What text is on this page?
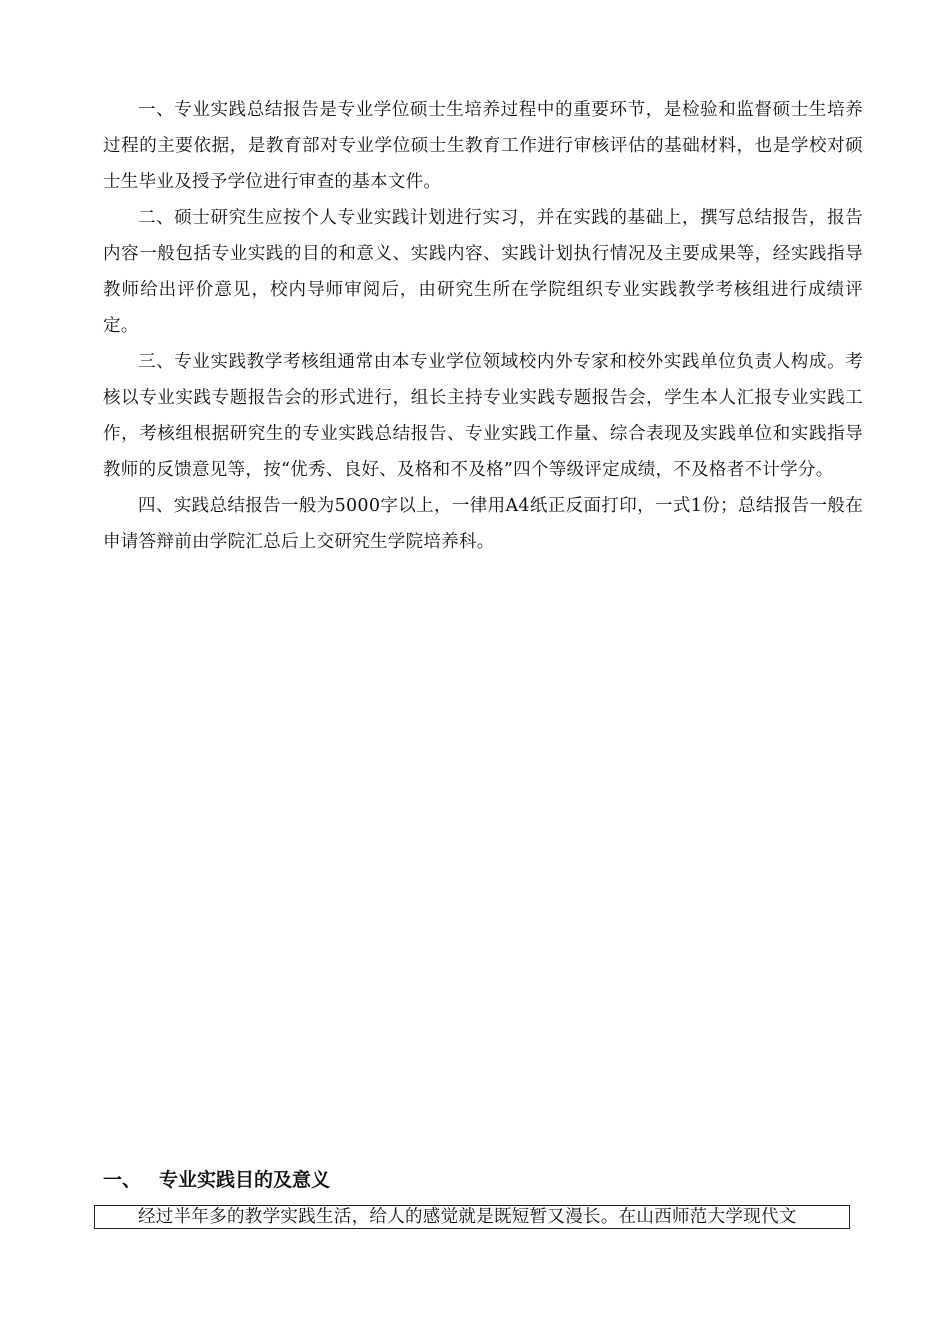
一、专业实践总结报告是专业学位硕士生培养过程中的重要环节，是检验和监督硕士生培养过程的主要依据，是教育部对专业学位硕士生教育工作进行审核评估的基础材料，也是学校对硕士生毕业及授予学位进行审查的基本文件。

二、硕士研究生应按个人专业实践计划进行实习，并在实践的基础上，撰写总结报告，报告内容一般包括专业实践的目的和意义、实践内容、实践计划执行情况及主要成果等，经实践指导教师给出评价意见，校内导师审阅后，由研究生所在学院组织专业实践教学考核组进行成绩评定。

三、专业实践教学考核组通常由本专业学位领域校内外专家和校外实践单位负责人构成。考核以专业实践专题报告会的形式进行，组长主持专业实践专题报告会，学生本人汇报专业实践工作，考核组根据研究生的专业实践总结报告、专业实践工作量、综合表现及实践单位和实践指导教师的反馈意见等，按“优秀、良好、及格和不及格”四个等级评定成绩，不及格者不计学分。

四、实践总结报告一般为5000字以上，一律用A4纸正反面打印，一式1份；总结报告一般在申请答辩前由学院汇总后上交研究生学院培养科。

一、 专业实践目的及意义

经过半年多的教学实践生活，给人的感觉就是既短暂又漫长。在山西师范大学现代文
